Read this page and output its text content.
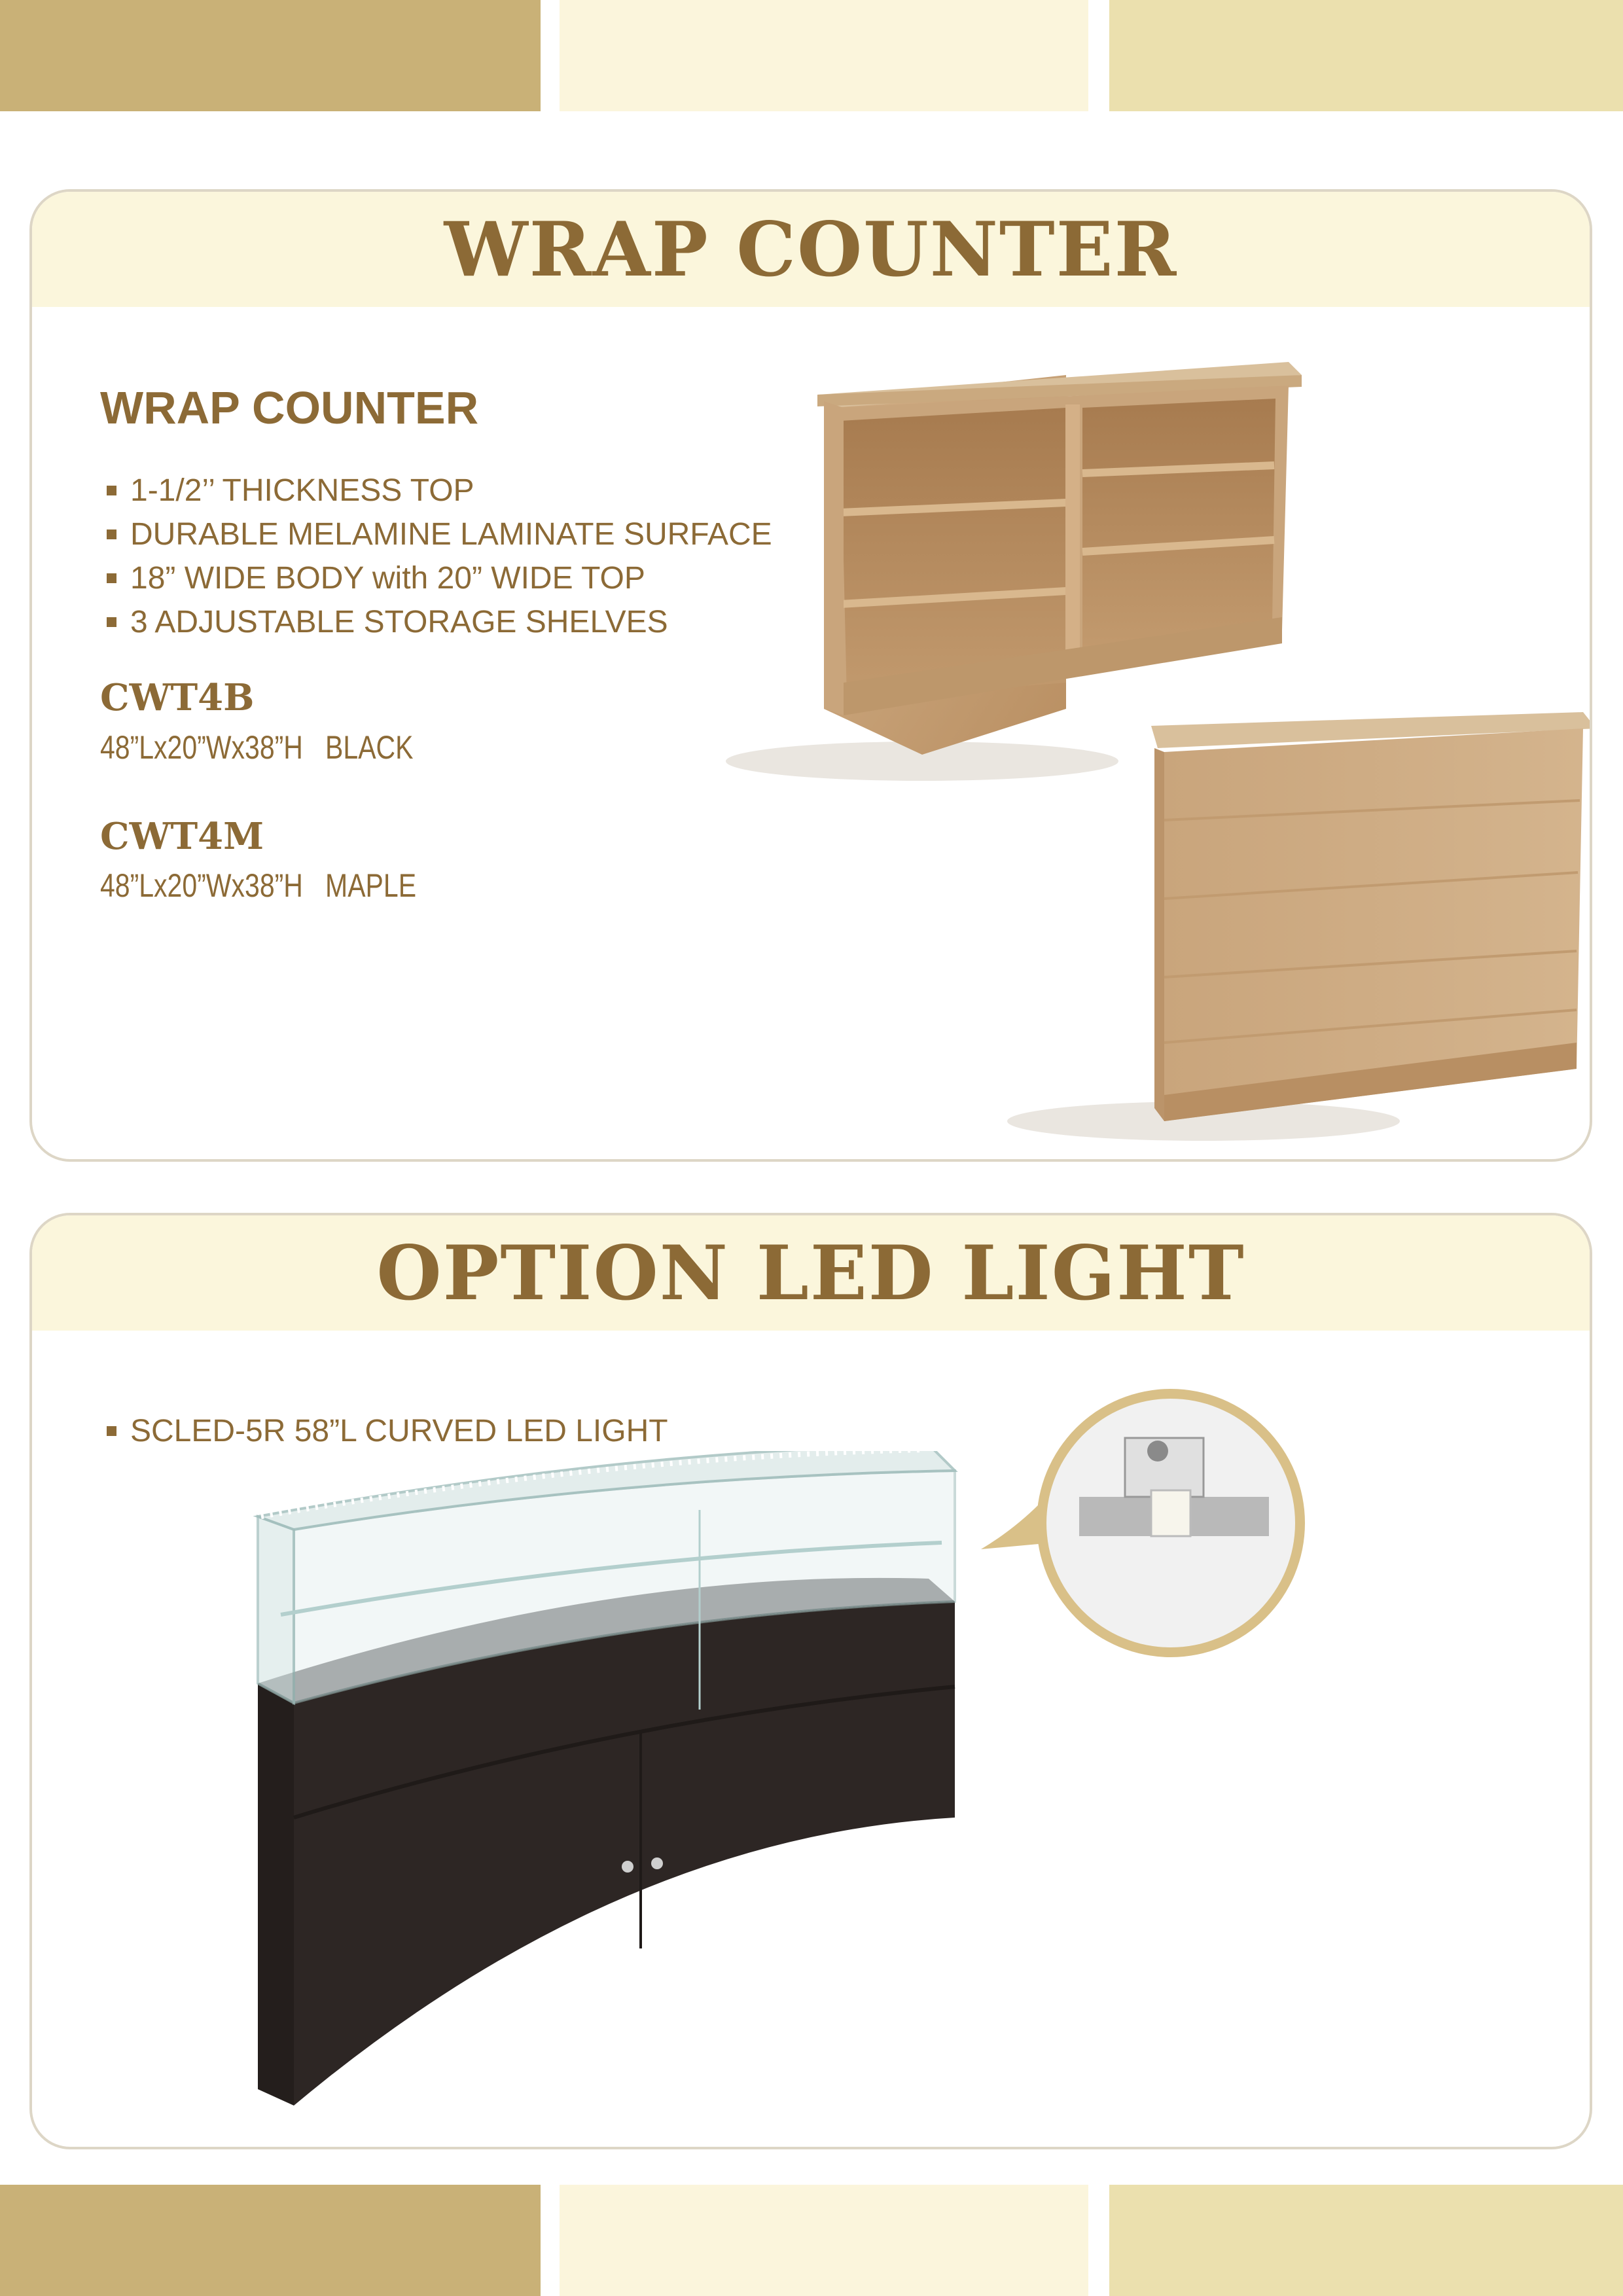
WRAP COUNTER
WRAP COUNTER
1-1/2’’ THICKNESS TOP
DURABLE MELAMINE LAMINATE SURFACE
18” WIDE BODY with 20” WIDE TOP
3 ADJUSTABLE STORAGE SHELVES
CWT4B
48”Lx20”Wx38”H   BLACK
CWT4M
48”Lx20”Wx38”H   MAPLE
OPTION LED LIGHT
SCLED-5R 58”L CURVED LED LIGHT
